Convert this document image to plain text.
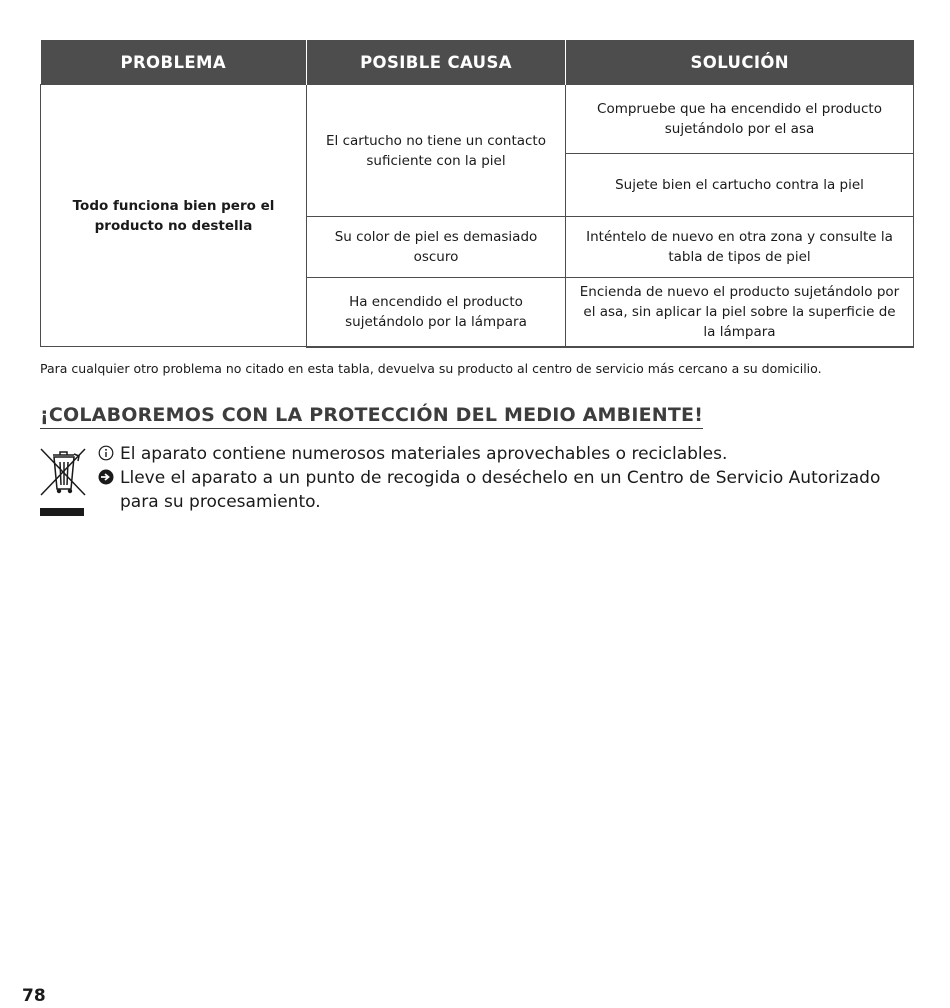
PROBLEMA	POSIBLE CAUSA	SOLUCIÓN
Todo funciona bien pero el producto no destella	El cartucho no tiene un contacto suficiente con la piel	Compruebe que ha encendido el producto sujetándolo por el asa
		Sujete bien el cartucho contra la piel
	Su color de piel es demasiado oscuro	Inténtelo de nuevo en otra zona y consulte la tabla de tipos de piel
	Ha encendido el producto sujetándolo por la lámpara	Encienda de nuevo el producto sujetándolo por el asa, sin aplicar la piel sobre la superficie de la lámpara
Para cualquier otro problema no citado en esta tabla, devuelva su producto al centro de servicio más cercano a su domicilio.
¡COLABOREMOS CON LA PROTECCIÓN DEL MEDIO AMBIENTE!
El aparato contiene numerosos materiales aprovechables o reciclables.
Lleve el aparato a un punto de recogida o deséchelo en un Centro de Servicio Autorizado para su procesamiento.
78
